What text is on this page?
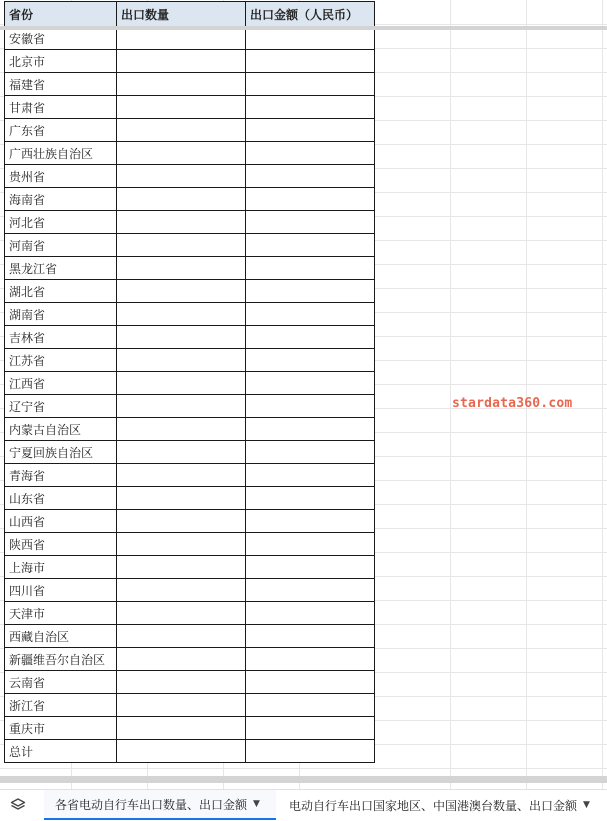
省份	出口数量	出口金额（人民币）
安徽省		
北京市		
福建省		
甘肃省		
广东省		
广西壮族自治区		
贵州省		
海南省		
河北省		
河南省		
黑龙江省		
湖北省		
湖南省		
吉林省		
江苏省		
江西省		
辽宁省		
内蒙古自治区		
宁夏回族自治区		
青海省		
山东省		
山西省		
陕西省		
上海市		
四川省		
天津市		
西藏自治区		
新疆维吾尔自治区		
云南省		
浙江省		
重庆市		
总计		
stardata360.com
各省电动自行车出口数量、出口金额 ▼ 电动自行车出口国家地区、中国港澳台数量、出口金额 ▼
